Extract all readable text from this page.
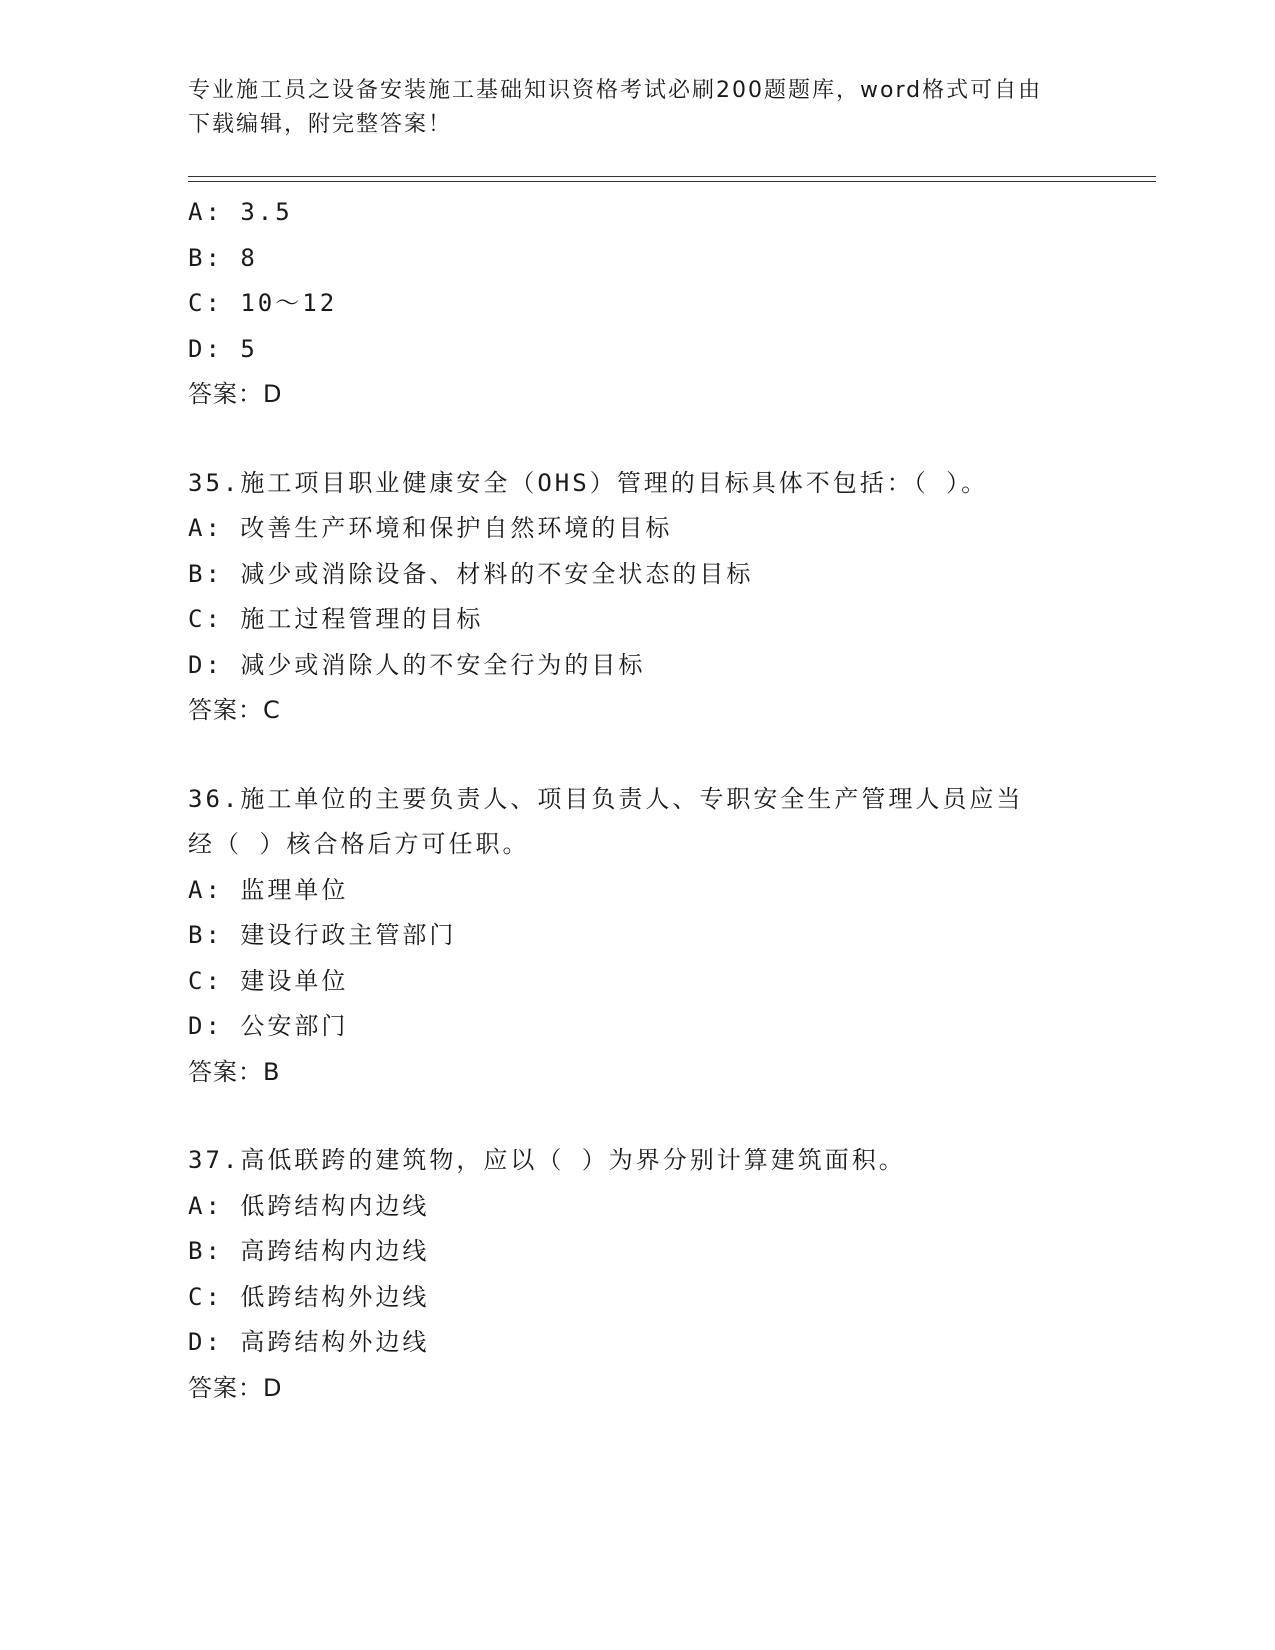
专业施工员之设备安装施工基础知识资格考试必刷200题题库，word格式可自由
下载编辑，附完整答案！
A: 3.5
B: 8
C: 10～12
D: 5
答案：D
35.施工项目职业健康安全（OHS）管理的目标具体不包括：（ ）。
A: 改善生产环境和保护自然环境的目标
B: 减少或消除设备、材料的不安全状态的目标
C: 施工过程管理的目标
D: 减少或消除人的不安全行为的目标
答案：C
36.施工单位的主要负责人、项目负责人、专职安全生产管理人员应当
经（ ）核合格后方可任职。
A: 监理单位
B: 建设行政主管部门
C: 建设单位
D: 公安部门
答案：B
37.高低联跨的建筑物，应以（ ）为界分别计算建筑面积。
A: 低跨结构内边线
B: 高跨结构内边线
C: 低跨结构外边线
D: 高跨结构外边线
答案：D
